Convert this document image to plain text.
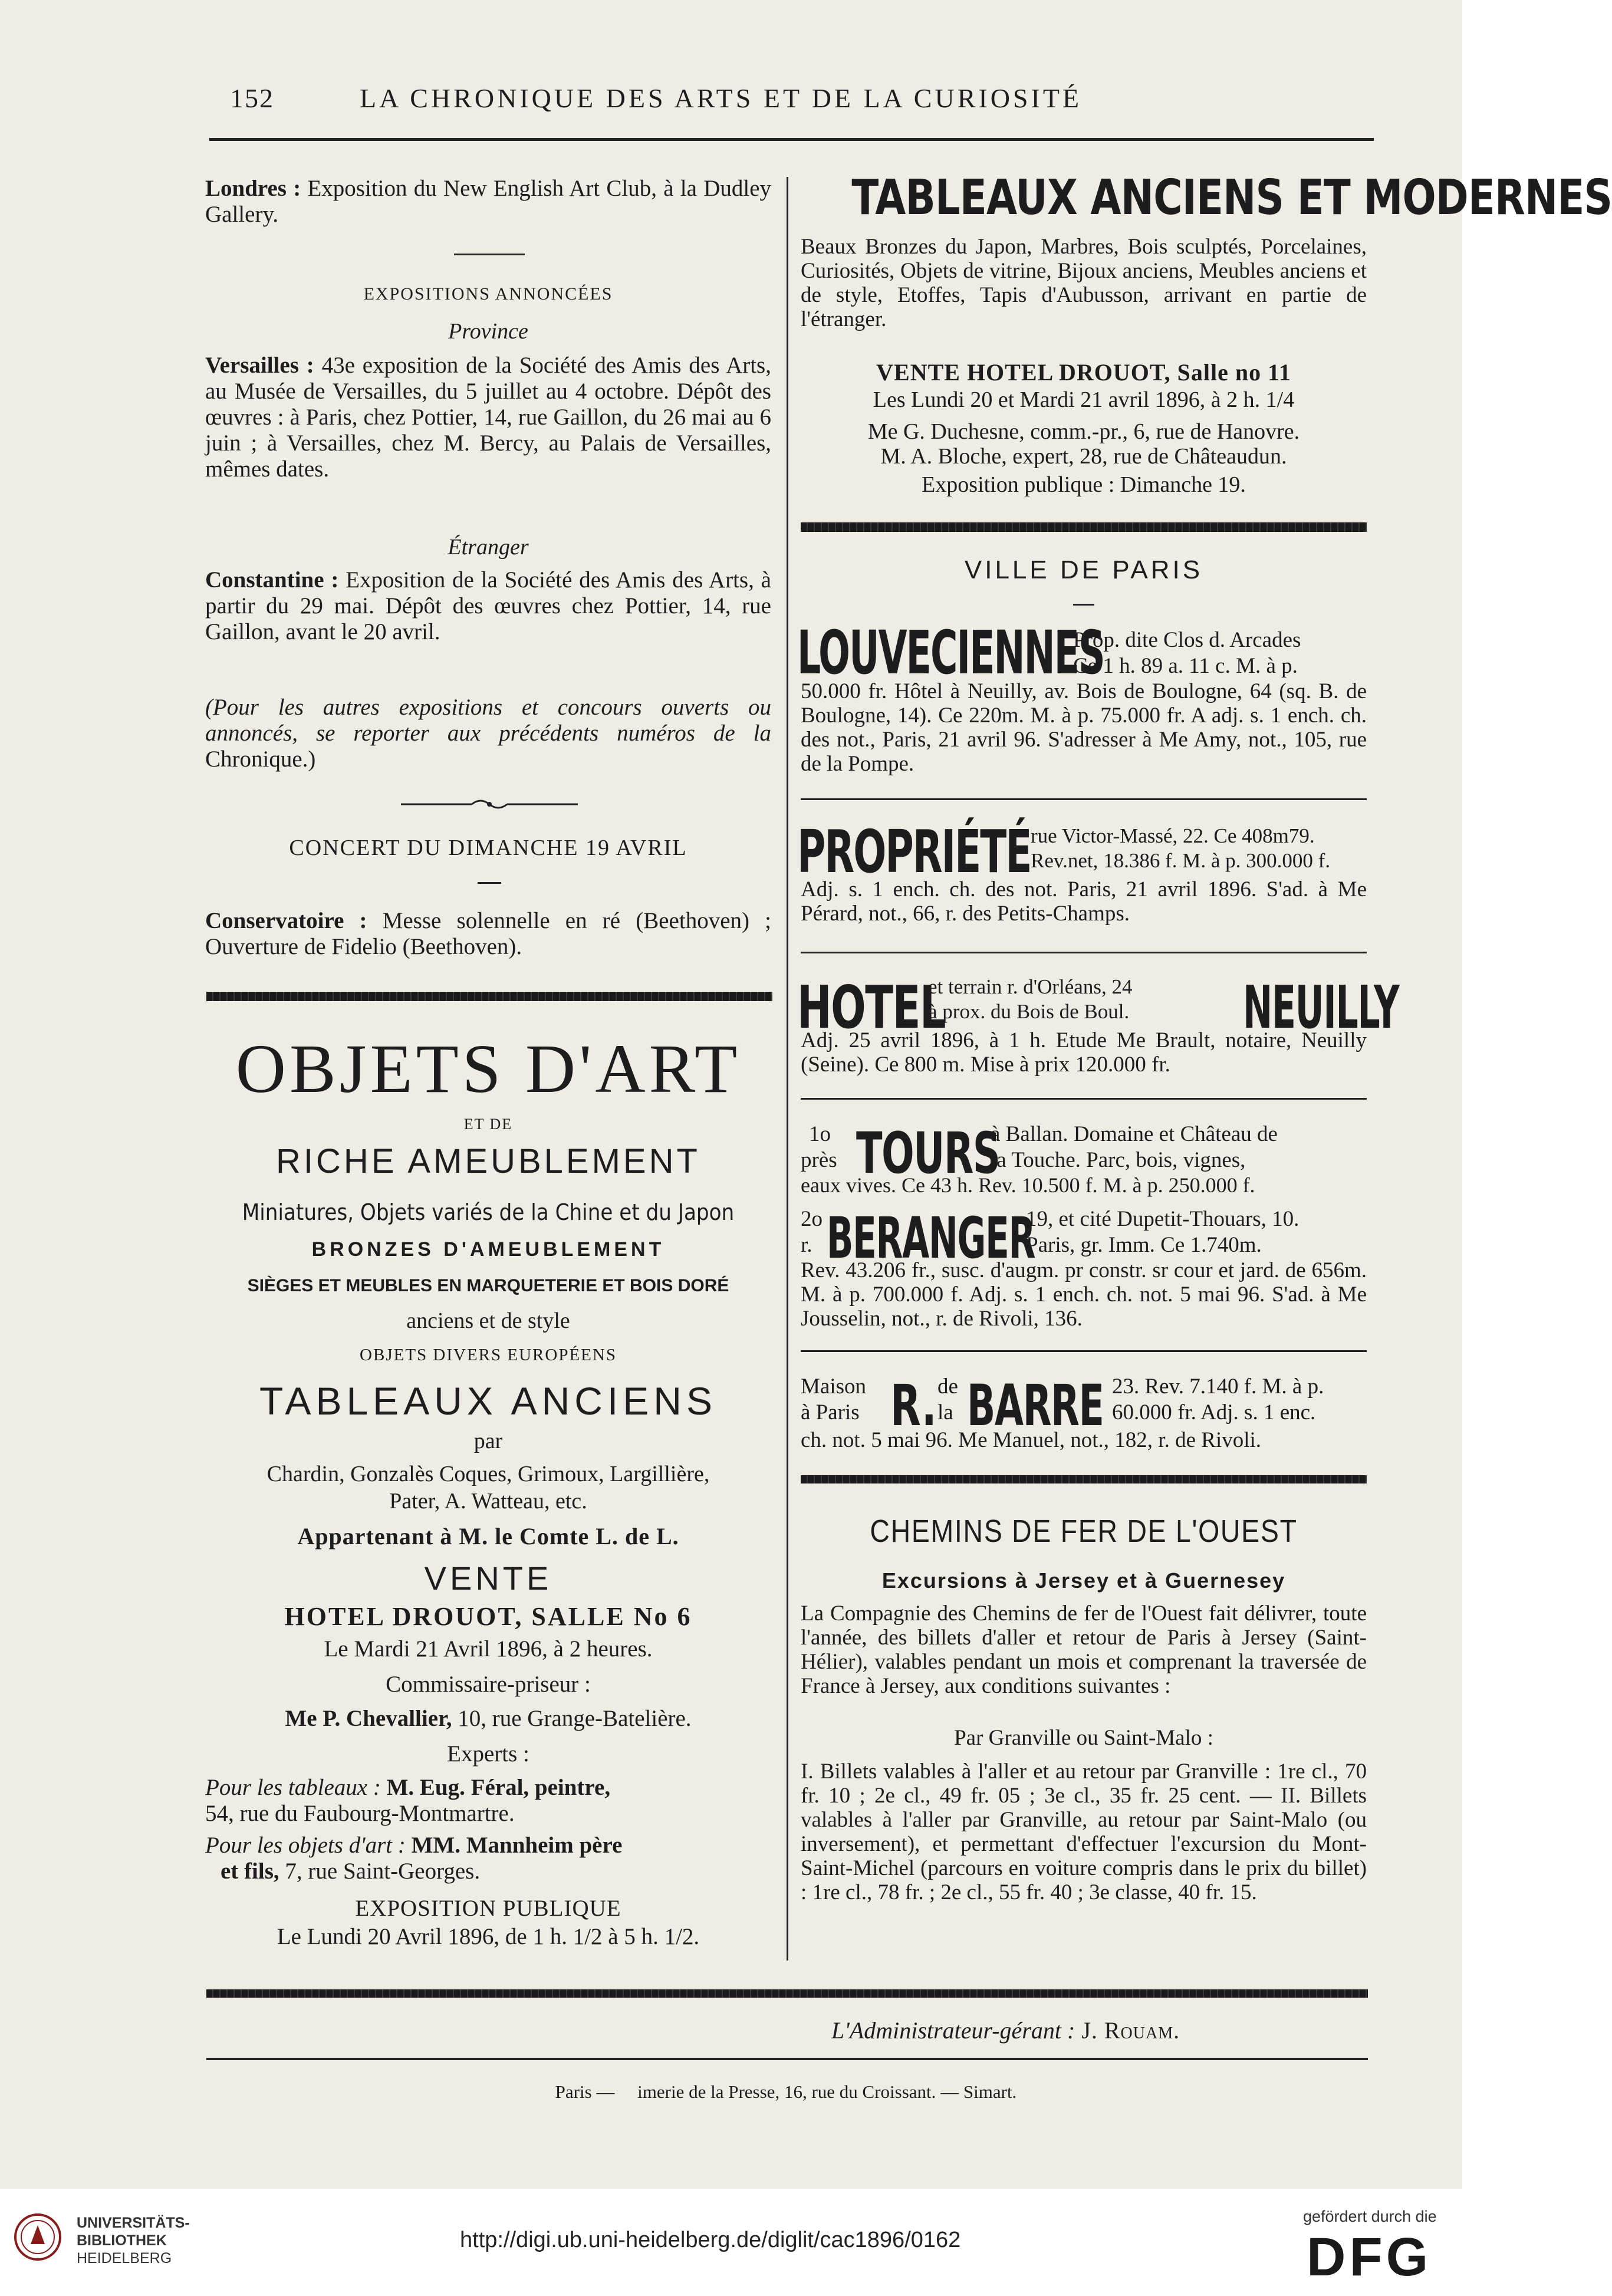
152	LA CHRONIQUE DES ARTS ET DE LA CURIOSITÉ
Londres : Exposition du New English Art Club, à la Dudley Gallery.
EXPOSITIONS ANNONCÉES
Province
Versailles : 43e exposition de la Société des Amis des Arts, au Musée de Versailles, du 5 juillet au 4 octobre. Dépôt des œuvres : à Paris, chez Pottier, 14, rue Gaillon, du 26 mai au 6 juin ; à Versailles, chez M. Bercy, au Palais de Versailles, mêmes dates.
Étranger
Constantine : Exposition de la Société des Amis des Arts, à partir du 29 mai. Dépôt des œuvres chez Pottier, 14, rue Gaillon, avant le 20 avril.
(Pour les autres expositions et concours ouverts ou annoncés, se reporter aux précédents numéros de la Chronique.)
CONCERT DU DIMANCHE 19 AVRIL
Conservatoire : Messe solennelle en ré (Beethoven) ; Ouverture de Fidelio (Beethoven).
OBJETS D'ART
ET DE
RICHE AMEUBLEMENT
Miniatures, Objets variés de la Chine et du Japon
BRONZES D'AMEUBLEMENT
SIÈGES ET MEUBLES EN MARQUETERIE ET BOIS DORÉ
anciens et de style
OBJETS DIVERS EUROPÉENS
TABLEAUX ANCIENS
par
Chardin, Gonzalès Coques, Grimoux, Largillière,
Pater, A. Watteau, etc.
Appartenant à M. le Comte L. de L.
VENTE
HOTEL DROUOT, SALLE No 6
Le Mardi 21 Avril 1896, à 2 heures.
Commissaire-priseur :
Me P. Chevallier, 10, rue Grange-Batelière.
Experts :
Pour les tableaux : M. Eug. Féral, peintre,
54, rue du Faubourg-Montmartre.
Pour les objets d'art : MM. Mannheim père
et fils, 7, rue Saint-Georges.
EXPOSITION PUBLIQUE
Le Lundi 20 Avril 1896, de 1 h. 1/2 à 5 h. 1/2.
TABLEAUX ANCIENS ET MODERNES
Beaux Bronzes du Japon, Marbres, Bois sculptés, Porcelaines, Curiosités, Objets de vitrine, Bijoux anciens, Meubles anciens et de style, Etoffes, Tapis d'Aubusson, arrivant en partie de l'étranger.
VENTE HOTEL DROUOT, Salle no 11
Les Lundi 20 et Mardi 21 avril 1896, à 2 h. 1/4
Me G. Duchesne, comm.-pr., 6, rue de Hanovre.
M. A. Bloche, expert, 28, rue de Châteaudun.
Exposition publique : Dimanche 19.
VILLE DE PARIS
LOUVECIENNES
Prop. dite Clos d. Arcades
Ce 1 h. 89 a. 11 c. M. à p.
50.000 fr. Hôtel à Neuilly, av. Bois de Boulogne, 64 (sq. B. de Boulogne, 14). Ce 220m. M. à p. 75.000 fr. A adj. s. 1 ench. ch. des not., Paris, 21 avril 96. S'adresser à Me Amy, not., 105, rue de la Pompe.
PROPRIÉTÉ rue Victor-Massé, 22. Ce 408m79.
Rev.net, 18.386 f. M. à p. 300.000 f.
Adj. s. 1 ench. ch. des not. Paris, 21 avril 1896. S'ad. à Me Pérard, not., 66, r. des Petits-Champs.
HOTEL
et terrain r. d'Orléans, 24
à prox. du Bois de Boul. NEUILLY
Adj. 25 avril 1896, à 1 h. Etude Me Brault, notaire, Neuilly (Seine). Ce 800 m. Mise à prix 120.000 fr.
1o
près TOURS
à Ballan. Domaine et Château de
la Touche. Parc, bois, vignes,
eaux vives. Ce 43 h. Rev. 10.500 f. M. à p. 250.000 f.
2o
r. BERANGER
19, et cité Dupetit-Thouars, 10.
Paris, gr. Imm. Ce 1.740m.
Rev. 43.206 fr., susc. d'augm. pr constr. sr cour et jard. de 656m. M. à p. 700.000 f. Adj. s. 1 ench. ch. not. 5 mai 96. S'ad. à Me Jousselin, not., r. de Rivoli, 136.
Maison
à Paris R. de
la BARRE 23. Rev. 7.140 f. M. à p.
60.000 fr. Adj. s. 1 enc.
ch. not. 5 mai 96. Me Manuel, not., 182, r. de Rivoli.
CHEMINS DE FER DE L'OUEST
Excursions à Jersey et à Guernesey
La Compagnie des Chemins de fer de l'Ouest fait délivrer, toute l'année, des billets d'aller et retour de Paris à Jersey (Saint-Hélier), valables pendant un mois et comprenant la traversée de France à Jersey, aux conditions suivantes :
Par Granville ou Saint-Malo :
I. Billets valables à l'aller et au retour par Granville : 1re cl., 70 fr. 10 ; 2e cl., 49 fr. 05 ; 3e cl., 35 fr. 25 cent. — II. Billets valables à l'aller par Granville, au retour par Saint-Malo (ou inversement), et permettant d'effectuer l'excursion du Mont-Saint-Michel (parcours en voiture compris dans le prix du billet) : 1re cl., 78 fr. ; 2e cl., 55 fr. 40 ; 3e classe, 40 fr. 15.
L'Administrateur-gérant : J. Rouam.
Paris —     imerie de la Presse, 16, rue du Croissant. — Simart.
UNIVERSITÄTS-
BIBLIOTHEK
HEIDELBERG
http://digi.ub.uni-heidelberg.de/diglit/cac1896/0162
gefördert durch die
DFG
